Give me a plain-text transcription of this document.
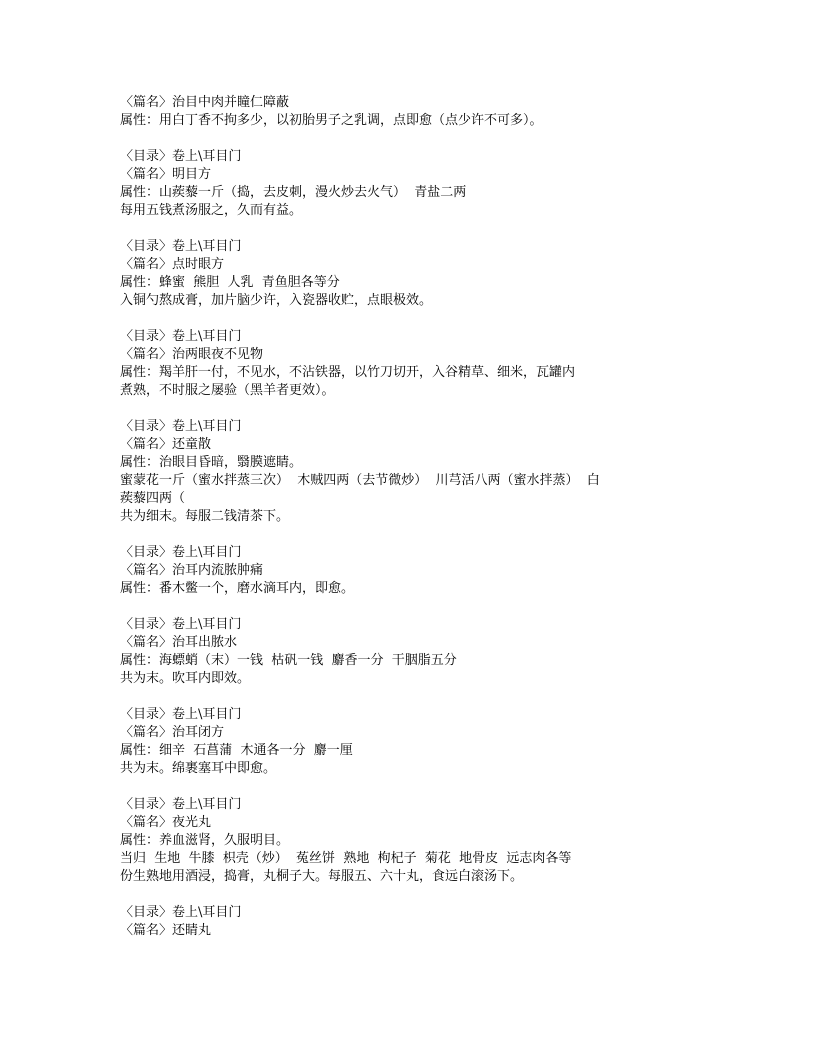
〈篇名〉治目中肉并瞳仁障蔽
属性：用白丁香不拘多少，以初胎男子之乳调，点即愈（点少许不可多）。
〈目录〉卷上\耳目门
〈篇名〉明目方
属性：山蒺藜一斤（捣，去皮刺，漫火炒去火气）  青盐二两
每用五钱煮汤服之，久而有益。
〈目录〉卷上\耳目门
〈篇名〉点时眼方
属性：蜂蜜  熊胆  人乳  青鱼胆各等分
入铜勺熬成膏，加片脑少许，入瓷器收贮，点眼极效。
〈目录〉卷上\耳目门
〈篇名〉治两眼夜不见物
属性：羯羊肝一付，不见水，不沾铁器，以竹刀切开，入谷精草、细米，瓦罐内
煮熟，不时服之屡验（黑羊者更效）。
〈目录〉卷上\耳目门
〈篇名〉还童散
属性：治眼目昏暗，翳膜遮睛。
蜜蒙花一斤（蜜水拌蒸三次）  木贼四两（去节微炒）  川芎活八两（蜜水拌蒸）  白
蒺藜四两（
共为细末。每服二钱清茶下。
〈目录〉卷上\耳目门
〈篇名〉治耳内流脓肿痛
属性：番木鳖一个，磨水滴耳内，即愈。
〈目录〉卷上\耳目门
〈篇名〉治耳出脓水
属性：海螵蛸（末）一钱  枯矾一钱  麝香一分  干胭脂五分
共为末。吹耳内即效。
〈目录〉卷上\耳目门
〈篇名〉治耳闭方
属性：细辛  石菖蒲  木通各一分  麝一厘
共为末。绵裹塞耳中即愈。
〈目录〉卷上\耳目门
〈篇名〉夜光丸
属性：养血滋肾，久服明目。
当归  生地  牛膝  枳壳（炒）  菟丝饼  熟地  枸杞子  菊花  地骨皮  远志肉各等
份生熟地用酒浸，捣膏，丸桐子大。每服五、六十丸，食远白滚汤下。
〈目录〉卷上\耳目门
〈篇名〉还睛丸
